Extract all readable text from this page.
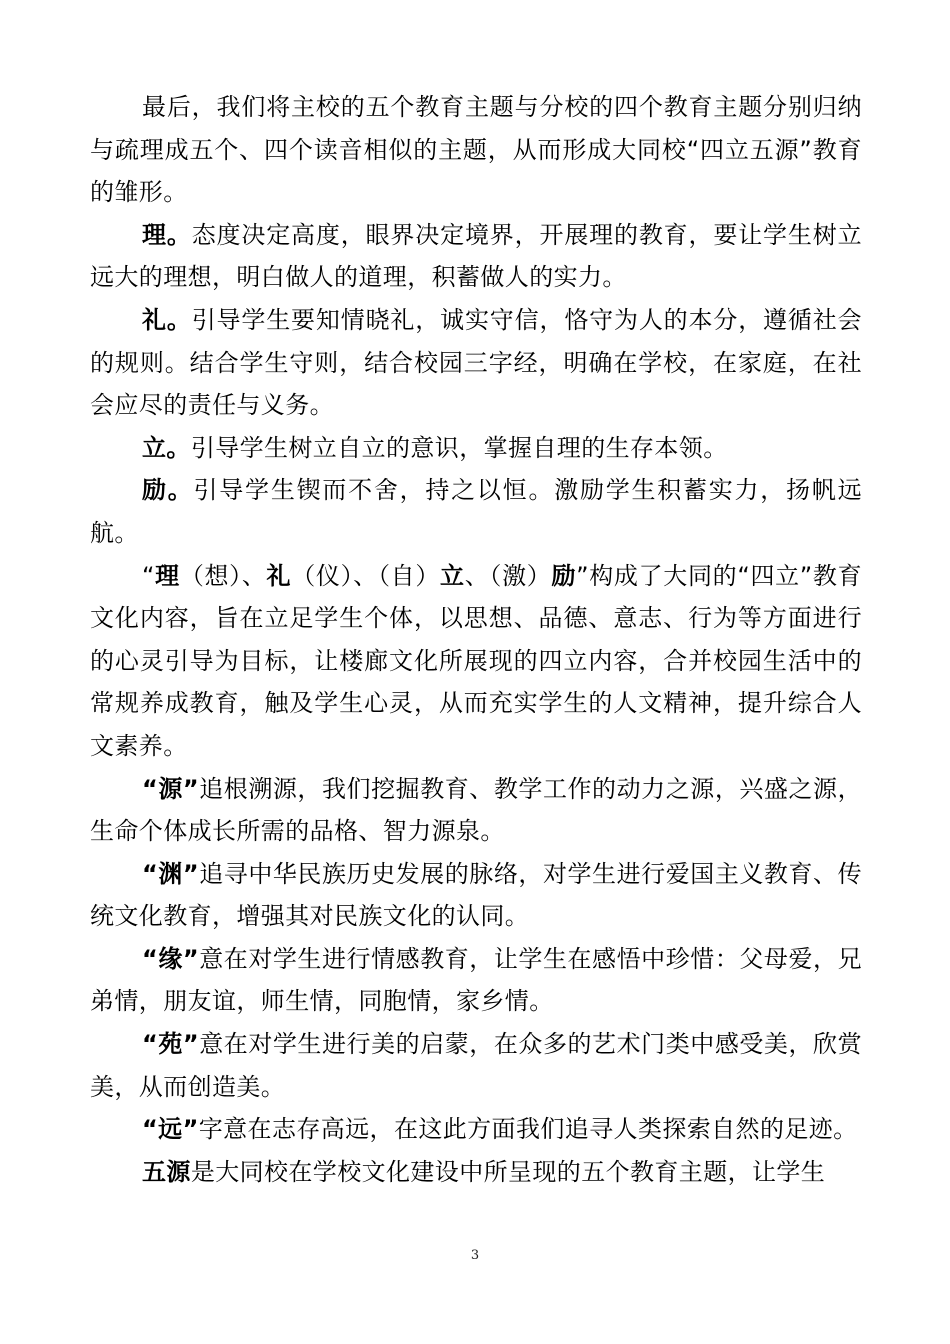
最后，我们将主校的五个教育主题与分校的四个教育主题分别归纳与疏理成五个、四个读音相似的主题，从而形成大同校“四立五源”教育的雏形。

理。态度决定高度，眼界决定境界，开展理的教育，要让学生树立远大的理想，明白做人的道理，积蓄做人的实力。

礼。引导学生要知情晓礼，诚实守信，恪守为人的本分，遵循社会的规则。结合学生守则，结合校园三字经，明确在学校，在家庭，在社会应尽的责任与义务。

立。引导学生树立自立的意识，掌握自理的生存本领。

励。引导学生锲而不舍，持之以恒。激励学生积蓄实力，扬帆远航。

“理（想）、礼（仪）、（自）立、（激）励”构成了大同的“四立”教育文化内容，旨在立足学生个体，以思想、品德、意志、行为等方面进行的心灵引导为目标，让楼廊文化所展现的四立内容，合并校园生活中的常规养成教育，触及学生心灵，从而充实学生的人文精神，提升综合人文素养。

“源”追根溯源，我们挖掘教育、教学工作的动力之源，兴盛之源，生命个体成长所需的品格、智力源泉。

“渊”追寻中华民族历史发展的脉络，对学生进行爱国主义教育、传统文化教育，增强其对民族文化的认同。

“缘”意在对学生进行情感教育，让学生在感悟中珍惜：父母爱，兄弟情，朋友谊，师生情，同胞情，家乡情。

“苑”意在对学生进行美的启蒙，在众多的艺术门类中感受美，欣赏美，从而创造美。

“远”字意在志存高远，在这此方面我们追寻人类探索自然的足迹。

五源是大同校在学校文化建设中所呈现的五个教育主题，让学生

3
